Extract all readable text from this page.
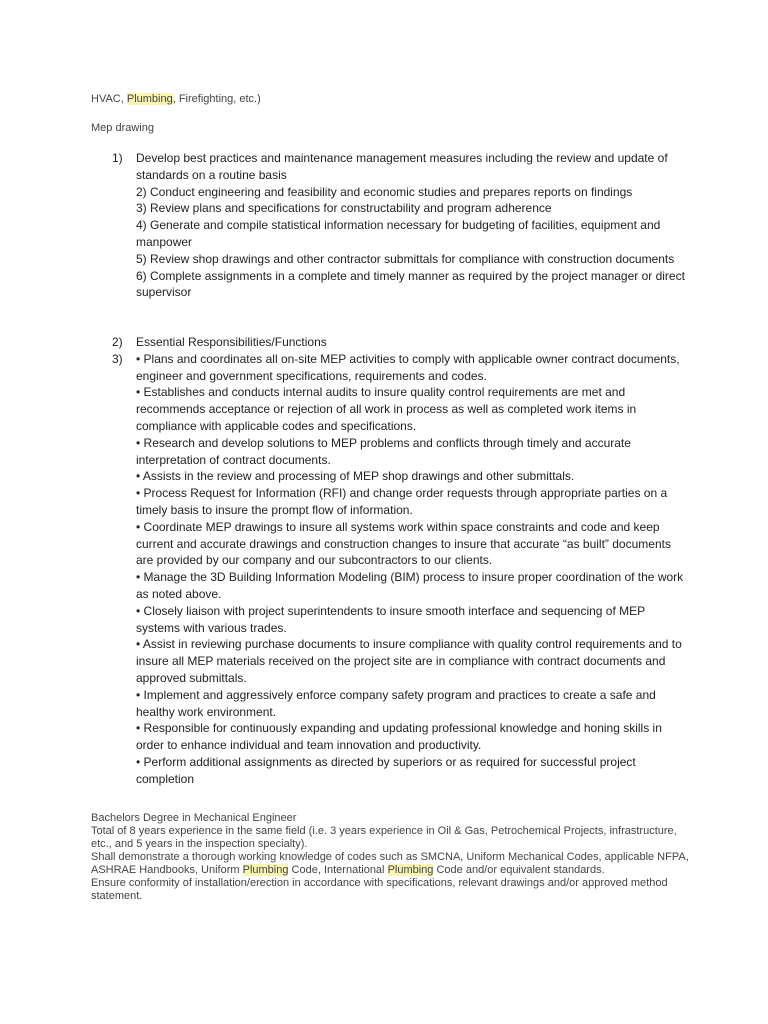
HVAC, Plumbing, Firefighting, etc.)
Mep drawing
1)	Develop best practices and maintenance management measures including the review and update of standards on a routine basis
2) Conduct engineering and feasibility and economic studies and prepares reports on findings
3) Review plans and specifications for constructability and program adherence
4) Generate and compile statistical information necessary for budgeting of facilities, equipment and manpower
5) Review shop drawings and other contractor submittals for compliance with construction documents
6) Complete assignments in a complete and timely manner as required by the project manager or direct supervisor
2)	Essential Responsibilities/Functions
3)	• Plans and coordinates all on-site MEP activities to comply with applicable owner contract documents, engineer and government specifications, requirements and codes.
• Establishes and conducts internal audits to insure quality control requirements are met and recommends acceptance or rejection of all work in process as well as completed work items in compliance with applicable codes and specifications.
• Research and develop solutions to MEP problems and conflicts through timely and accurate interpretation of contract documents.
• Assists in the review and processing of MEP shop drawings and other submittals.
• Process Request for Information (RFI) and change order requests through appropriate parties on a timely basis to insure the prompt flow of information.
• Coordinate MEP drawings to insure all systems work within space constraints and code and keep current and accurate drawings and construction changes to insure that accurate “as built” documents are provided by our company and our subcontractors to our clients.
• Manage the 3D Building Information Modeling (BIM) process to insure proper coordination of the work as noted above.
• Closely liaison with project superintendents to insure smooth interface and sequencing of MEP systems with various trades.
• Assist in reviewing purchase documents to insure compliance with quality control requirements and to insure all MEP materials received on the project site are in compliance with contract documents and approved submittals.
• Implement and aggressively enforce company safety program and practices to create a safe and healthy work environment.
• Responsible for continuously expanding and updating professional knowledge and honing skills in order to enhance individual and team innovation and productivity.
• Perform additional assignments as directed by superiors or as required for successful project completion
Bachelors Degree in Mechanical Engineer
Total of 8 years experience in the same field (i.e. 3 years experience in Oil & Gas, Petrochemical Projects, infrastructure, etc., and 5 years in the inspection specialty).
Shall demonstrate a thorough working knowledge of codes such as SMCNA, Uniform Mechanical Codes, applicable NFPA, ASHRAE Handbooks, Uniform Plumbing Code, International Plumbing Code and/or equivalent standards.
Ensure conformity of installation/erection in accordance with specifications, relevant drawings and/or approved method statement.
